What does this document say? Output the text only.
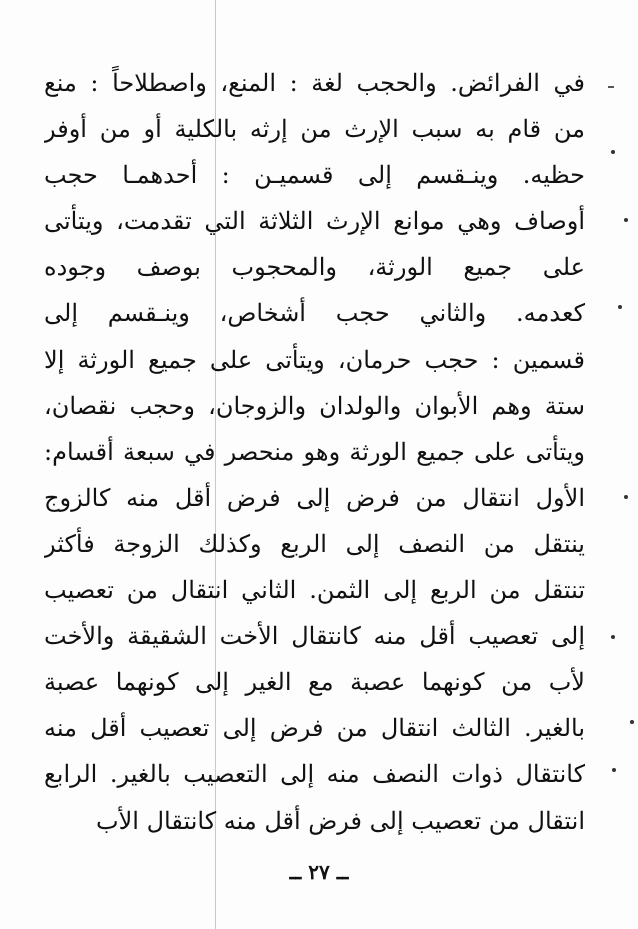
في الفرائض. والحجب لغة : المنع، واصطلاحاً : منع
من قام به سبب الإرث من إرثه بالكلية أو من أوفر
حظيه. وينـقسم إلى قسميـن : أحدهمـا حجب
أوصاف وهي موانع الإرث الثلاثة التي تقدمت، ويتأتى
على جميع الورثة، والمحجوب بوصف وجوده
كعدمه. والثاني حجب أشخاص، وينـقسم إلى
قسمين : حجب حرمان، ويتأتى على جميع الورثة إلا
ستة وهم الأبوان والولدان والزوجان، وحجب نقصان،
ويتأتى على جميع الورثة وهو منحصر في سبعة أقسام:
الأول انتقال من فرض إلى فرض أقل منه كالزوج
ينتقل من النصف إلى الربع وكذلك الزوجة فأكثر
تنتقل من الربع إلى الثمن. الثاني انتقال من تعصيب
إلى تعصيب أقل منه كانتقال الأخت الشقيقة والأخت
لأب من كونهما عصبة مع الغير إلى كونهما عصبة
بالغير. الثالث انتقال من فرض إلى تعصيب أقل منه
كانتقال ذوات النصف منه إلى التعصيب بالغير. الرابع
انتقال من تعصيب إلى فرض أقل منه كانتقال الأب
ــ ٢٧ ــ
